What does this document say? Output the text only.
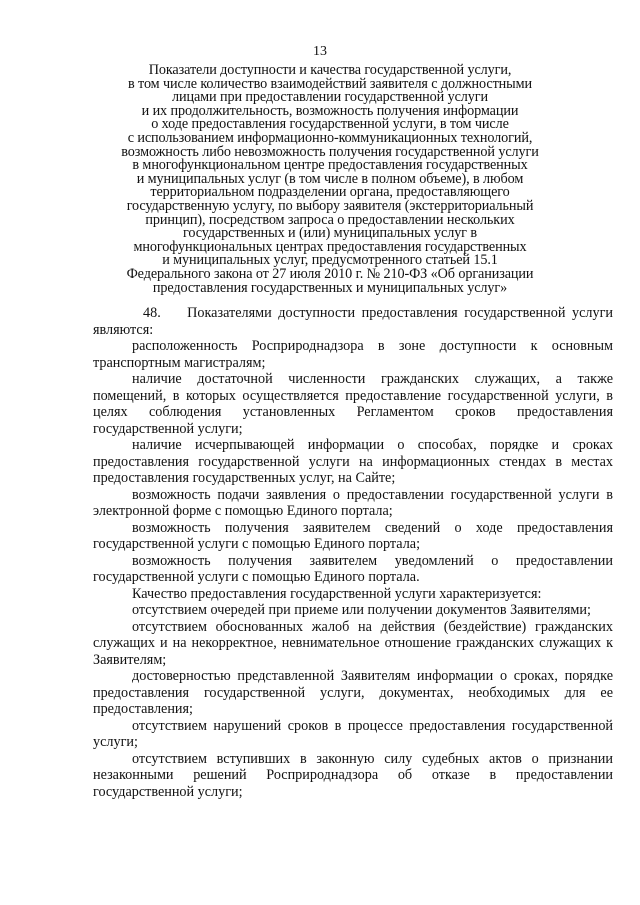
13
Показатели доступности и качества государственной услуги,
в том числе количество взаимодействий заявителя с должностными
лицами при предоставлении государственной услуги
и их продолжительность, возможность получения информации
о ходе предоставления государственной услуги, в том числе
с использованием информационно-коммуникационных технологий,
возможность либо невозможность получения государственной услуги
в многофункциональном центре предоставления государственных
и муниципальных услуг (в том числе в полном объеме), в любом
территориальном подразделении органа, предоставляющего
государственную услугу, по выбору заявителя (экстерриториальный
принцип), посредством запроса о предоставлении нескольких
государственных и (или) муниципальных услуг в
многофункциональных центрах предоставления государственных
и муниципальных услуг, предусмотренного статьей 15.1
Федерального закона от 27 июля 2010 г. № 210-ФЗ «Об организации
предоставления государственных и муниципальных услуг»

48.    Показателями доступности предоставления государственной услуги являются:

расположенность Росприроднадзора в зоне доступности к основным транспортным магистралям;

наличие достаточной численности гражданских служащих, а также помещений, в которых осуществляется предоставление государственной услуги, в целях соблюдения установленных Регламентом сроков предоставления государственной услуги;

наличие исчерпывающей информации о способах, порядке и сроках предоставления государственной услуги на информационных стендах в местах предоставления государственных услуг, на Сайте;

возможность подачи заявления о предоставлении государственной услуги в электронной форме с помощью Единого портала;

возможность получения заявителем сведений о ходе предоставления государственной услуги с помощью Единого портала;

возможность получения заявителем уведомлений о предоставлении государственной услуги с помощью Единого портала.

Качество предоставления государственной услуги характеризуется:

отсутствием очередей при приеме или получении документов Заявителями;

отсутствием обоснованных жалоб на действия (бездействие) гражданских служащих и на некорректное, невнимательное отношение гражданских служащих к Заявителям;

достоверностью представленной Заявителям информации о сроках, порядке предоставления государственной услуги, документах, необходимых для ее предоставления;

отсутствием нарушений сроков в процессе предоставления государственной услуги;

отсутствием вступивших в законную силу судебных актов о признании незаконными решений Росприроднадзора об отказе в предоставлении государственной услуги;
